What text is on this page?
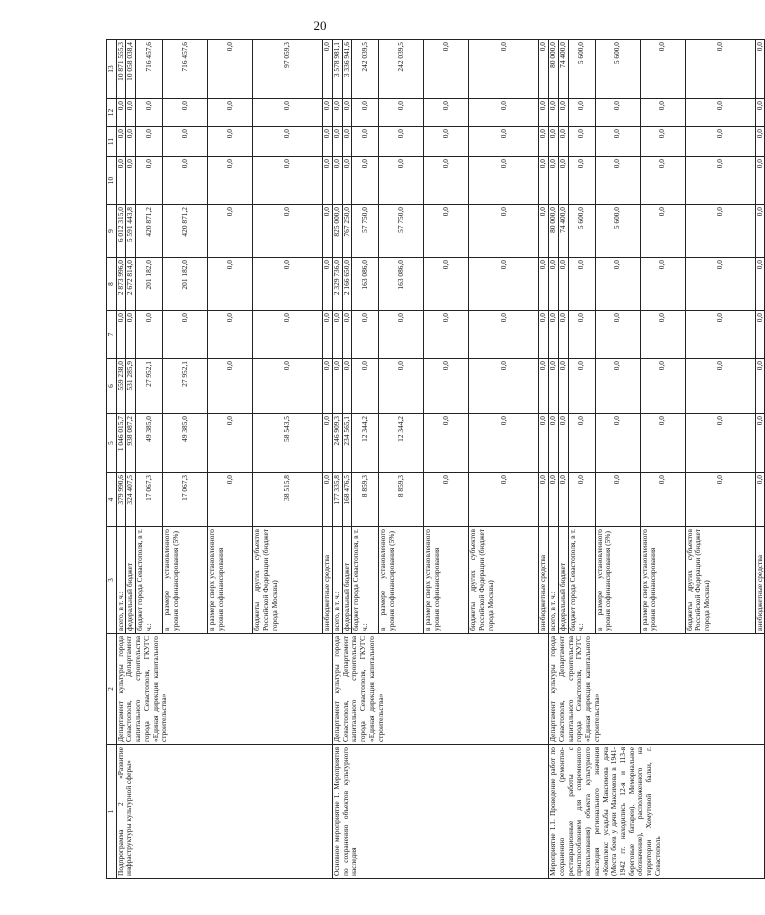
20
1	2	3	4	5	6	7	8	9	10	11	12	13
Подпрограмма 2 «Развитие инфраструктуры культурной сферы»	Департамент культуры города Севастополя, Департамент капитального строительства города Севастополя, ГКУГС «Единая дирекция капитального строительства»	всего, в т. ч.:	379 990,6	1 046 015,7	559 238,0	0,0	2 873 996,0	6 012 315,0	0,0	0,0	0,0	10 871 555,3
		федеральный бюджет	324 407,5	938 087,2	531 285,9	0,0	2 672 814,0	5 591 443,8	0,0	0,0	0,0	10 058 038,4
		бюджет города Севастополя, в т. ч.:	17 067,3	49 385,0	27 952,1	0,0	201 182,0	420 871,2	0,0	0,0	0,0	716 457,6
		в размере установленного уровня софинансирования (5%)	17 067,3	49 385,0	27 952,1	0,0	201 182,0	420 871,2	0,0	0,0	0,0	716 457,6
		в размере сверх установленного уровня софинансирования	0,0	0,0	0,0	0,0	0,0	0,0	0,0	0,0	0,0	0,0
		бюджеты других субъектов Российской Федерации (бюджет города Москвы)	38 515,8	58 543,5	0,0	0,0	0,0	0,0	0,0	0,0	0,0	97 059,3
		внебюджетные средства	0,0	0,0	0,0	0,0	0,0	0,0	0,0	0,0	0,0	0,0
Основное мероприятие 1. Мероприятия по сохранению объектов культурного наследия	Департамент культуры города Севастополя, Департамент капитального строительства города Севастополя, ГКУГС «Единая дирекция капитального строительства»	всего, в т. ч.:	177 335,8	246 909,3	0,0	0,0	2 329 736,0	825 000,0	0,0	0,0	0,0	3 578 981,1
		федеральный бюджет	168 476,5	234 565,1	0,0	0,0	2 166 650,0	767 250,0	0,0	0,0	0,0	3 336 941,6
		бюджет города Севастополя, в т. ч.:	8 859,3	12 344,2	0,0	0,0	163 086,0	57 750,0	0,0	0,0	0,0	242 039,5
		в размере установленного уровня софинансирования (5%)	8 859,3	12 344,2	0,0	0,0	163 086,0	57 750,0	0,0	0,0	0,0	242 039,5
		в размере сверх установленного уровня софинансирования	0,0	0,0	0,0	0,0	0,0	0,0	0,0	0,0	0,0	0,0
		бюджеты других субъектов Российской Федерации (бюджет города Москвы)	0,0	0,0	0,0	0,0	0,0	0,0	0,0	0,0	0,0	0,0
		внебюджетные средства	0,0	0,0	0,0	0,0	0,0	0,0	0,0	0,0	0,0	0,0
Мероприятие 1.1. Проведение работ по сохранению (ремонтно-реставрационные работы с приспособлением для современного использования) объекта культурного наследия регионального значения «Комплекс усадьбы Максимова дача (Места боев у дачи Максимова в 1941-1942 гг. находились 12-я и 113-я береговые батареи). Мемориальное обозначение), расположенного на территории Хомутовой балки, г. Севастополь	Департамент культуры города Севастополя, Департамент капитального строительства города Севастополя, ГКУГС «Единая дирекция капитального строительства»	всего, в т. ч.:	0,0	0,0	0,0	0,0	0,0	80 000,0	0,0	0,0	0,0	80 000,0
		федеральный бюджет	0,0	0,0	0,0	0,0	0,0	74 400,0	0,0	0,0	0,0	74 400,0
		бюджет города Севастополя, в т. ч.:	0,0	0,0	0,0	0,0	0,0	5 600,0	0,0	0,0	0,0	5 600,0
		в размере установленного уровня софинансирования (5%)	0,0	0,0	0,0	0,0	0,0	5 600,0	0,0	0,0	0,0	5 600,0
		в размере сверх установленного уровня софинансирования	0,0	0,0	0,0	0,0	0,0	0,0	0,0	0,0	0,0	0,0
		бюджеты других субъектов Российской Федерации (бюджет города Москвы)	0,0	0,0	0,0	0,0	0,0	0,0	0,0	0,0	0,0	0,0
		внебюджетные средства	0,0	0,0	0,0	0,0	0,0	0,0	0,0	0,0	0,0	0,0
